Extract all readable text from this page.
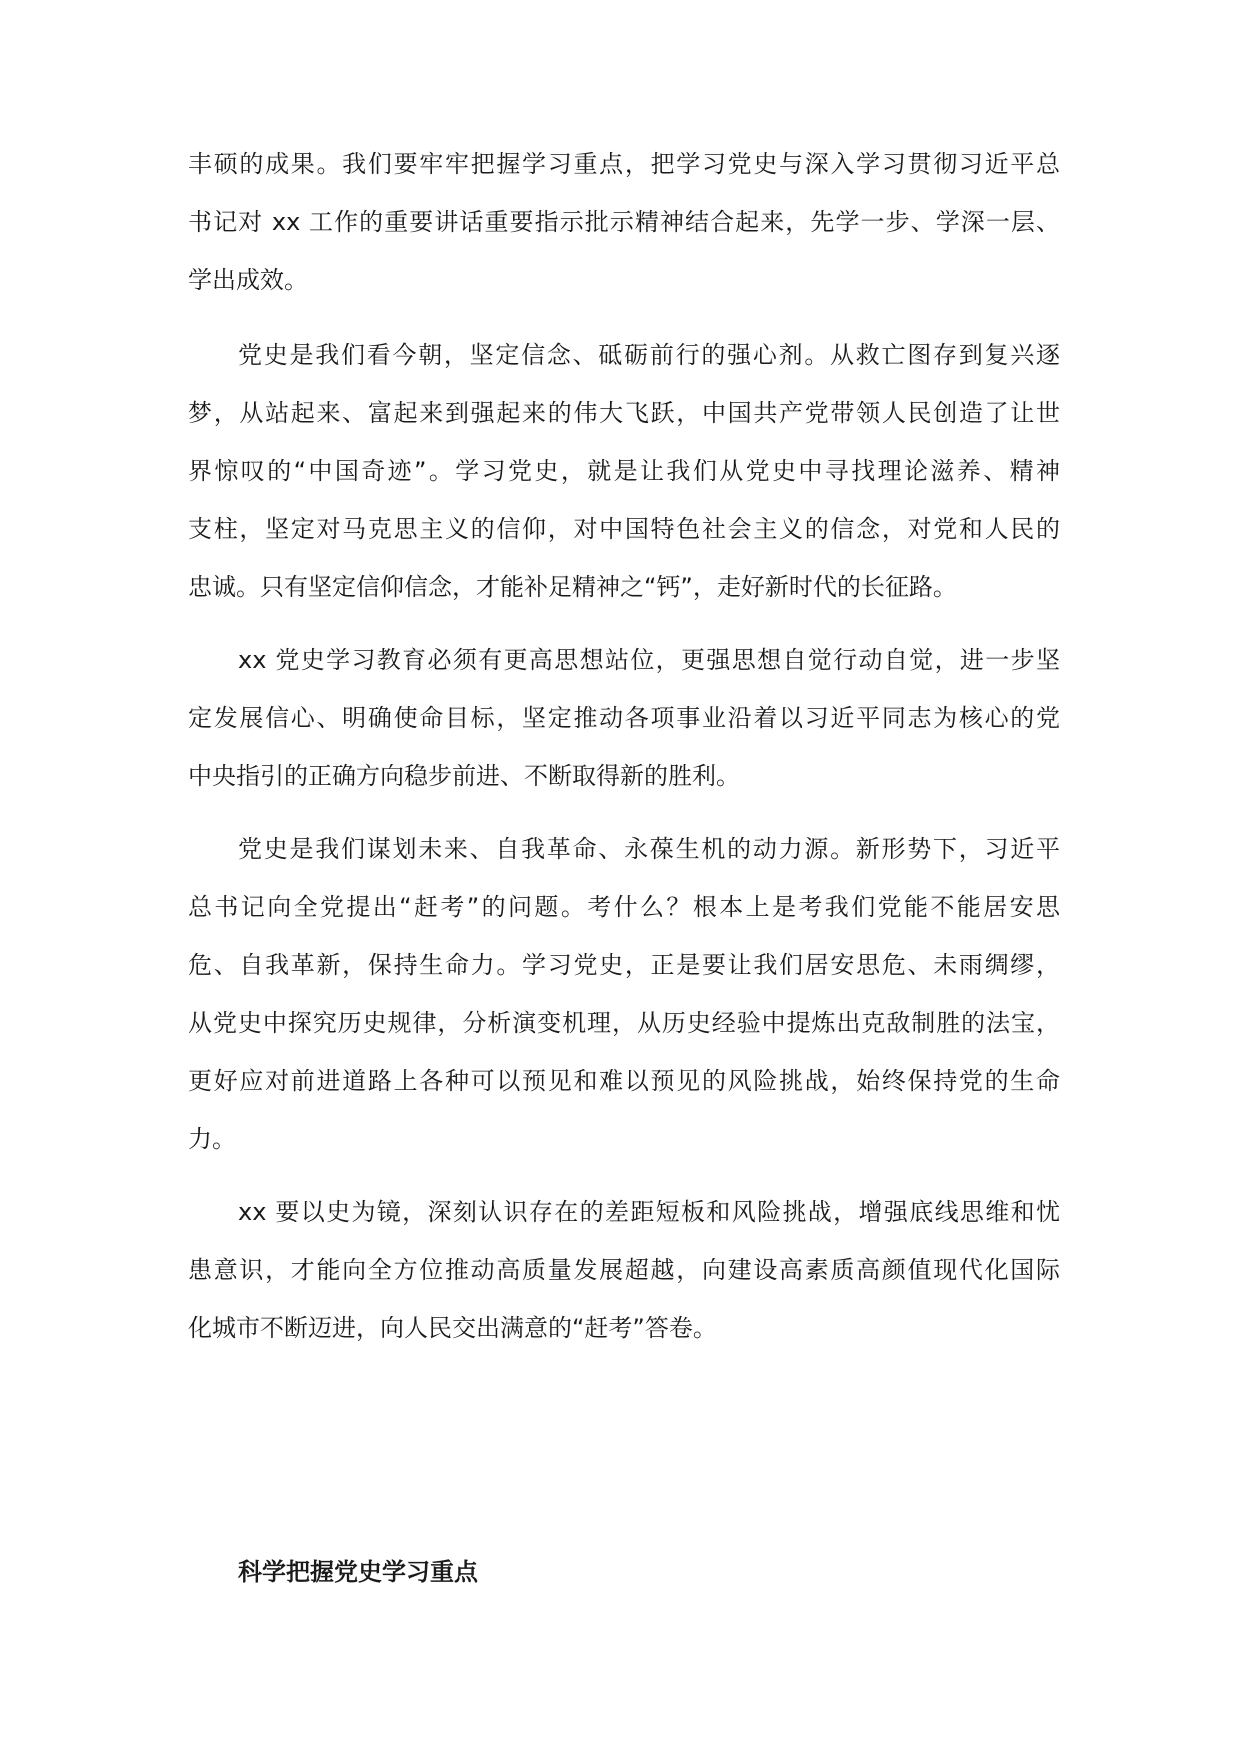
丰硕的成果。我们要牢牢把握学习重点，把学习党史与深入学习贯彻习近平总
书记对 xx 工作的重要讲话重要指示批示精神结合起来，先学一步、学深一层、
学出成效。
党史是我们看今朝，坚定信念、砥砺前行的强心剂。从救亡图存到复兴逐
梦，从站起来、富起来到强起来的伟大飞跃，中国共产党带领人民创造了让世
界惊叹的“中国奇迹”。学习党史，就是让我们从党史中寻找理论滋养、精神
支柱，坚定对马克思主义的信仰，对中国特色社会主义的信念，对党和人民的
忠诚。只有坚定信仰信念，才能补足精神之“钙”，走好新时代的长征路。
xx 党史学习教育必须有更高思想站位，更强思想自觉行动自觉，进一步坚
定发展信心、明确使命目标，坚定推动各项事业沿着以习近平同志为核心的党
中央指引的正确方向稳步前进、不断取得新的胜利。
党史是我们谋划未来、自我革命、永葆生机的动力源。新形势下，习近平
总书记向全党提出“赶考”的问题。考什么？根本上是考我们党能不能居安思
危、自我革新，保持生命力。学习党史，正是要让我们居安思危、未雨绸缪，
从党史中探究历史规律，分析演变机理，从历史经验中提炼出克敌制胜的法宝，
更好应对前进道路上各种可以预见和难以预见的风险挑战，始终保持党的生命
力。
xx 要以史为镜，深刻认识存在的差距短板和风险挑战，增强底线思维和忧
患意识，才能向全方位推动高质量发展超越，向建设高素质高颜值现代化国际
化城市不断迈进，向人民交出满意的“赶考”答卷。
科学把握党史学习重点
